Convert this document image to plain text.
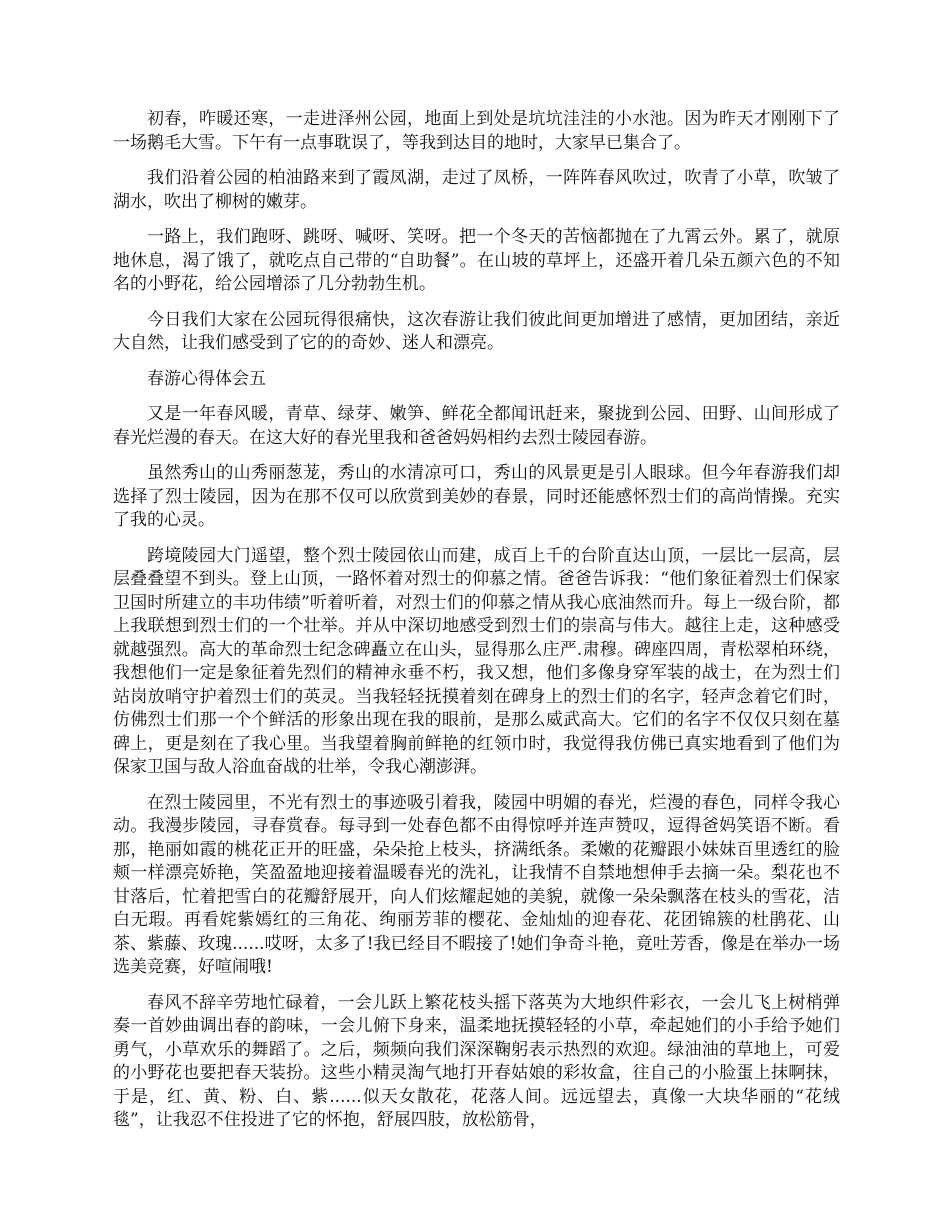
初春，咋暖还寒，一走进泽州公园，地面上到处是坑坑洼洼的小水池。因为昨天才刚刚下了一场鹅毛大雪。下午有一点事耽误了，等我到达目的地时，大家早已集合了。

我们沿着公园的柏油路来到了霞凤湖，走过了凤桥，一阵阵春风吹过，吹青了小草，吹皱了湖水，吹出了柳树的嫩芽。

一路上，我们跑呀、跳呀、喊呀、笑呀。把一个冬天的苦恼都抛在了九霄云外。累了，就原地休息，渴了饿了，就吃点自己带的“自助餐”。在山坡的草坪上，还盛开着几朵五颜六色的不知名的小野花，给公园增添了几分勃勃生机。

今日我们大家在公园玩得很痛快，这次春游让我们彼此间更加增进了感情，更加团结，亲近大自然，让我们感受到了它的的奇妙、迷人和漂亮。

春游心得体会五

又是一年春风暖，青草、绿芽、嫩笋、鲜花全都闻讯赶来，聚拢到公园、田野、山间形成了春光烂漫的春天。在这大好的春光里我和爸爸妈妈相约去烈士陵园春游。

虽然秀山的山秀丽葱茏，秀山的水清凉可口，秀山的风景更是引人眼球。但今年春游我们却选择了烈士陵园，因为在那不仅可以欣赏到美妙的春景，同时还能感怀烈士们的高尚情操。充实了我的心灵。

跨境陵园大门遥望，整个烈士陵园依山而建，成百上千的台阶直达山顶，一层比一层高，层层叠叠望不到头。登上山顶，一路怀着对烈士的仰慕之情。爸爸告诉我：“他们象征着烈士们保家卫国时所建立的丰功伟绩”听着听着，对烈士们的仰慕之情从我心底油然而升。每上一级台阶，都上我联想到烈士们的一个壮举。并从中深切地感受到烈士们的崇高与伟大。越往上走，这种感受就越强烈。高大的革命烈士纪念碑矗立在山头，显得那么庄严.肃穆。碑座四周，青松翠柏环绕，我想他们一定是象征着先烈们的精神永垂不朽，我又想，他们多像身穿军装的战士，在为烈士们站岗放哨守护着烈士们的英灵。当我轻轻抚摸着刻在碑身上的烈士们的名字，轻声念着它们时，仿佛烈士们那一个个鲜活的形象出现在我的眼前，是那么威武高大。它们的名字不仅仅只刻在墓碑上，更是刻在了我心里。当我望着胸前鲜艳的红领巾时，我觉得我仿佛已真实地看到了他们为保家卫国与敌人浴血奋战的壮举，令我心潮澎湃。

在烈士陵园里，不光有烈士的事迹吸引着我，陵园中明媚的春光，烂漫的春色，同样令我心动。我漫步陵园，寻春赏春。每寻到一处春色都不由得惊呼并连声赞叹，逗得爸妈笑语不断。看那，艳丽如霞的桃花正开的旺盛，朵朵抢上枝头，挤满纸条。柔嫩的花瓣跟小妹妹百里透红的脸颊一样漂亮娇艳，笑盈盈地迎接着温暖春光的洗礼，让我情不自禁地想伸手去摘一朵。梨花也不甘落后，忙着把雪白的花瓣舒展开，向人们炫耀起她的美貌，就像一朵朵飘落在枝头的雪花，洁白无瑕。再看姹紫嫣红的三角花、绚丽芳菲的樱花、金灿灿的迎春花、花团锦簇的杜鹃花、山茶、紫藤、玫瑰......哎呀，太多了!我已经目不暇接了!她们争奇斗艳，竟吐芳香，像是在举办一场选美竞赛，好喧闹哦!

春风不辞辛劳地忙碌着，一会儿跃上繁花枝头摇下落英为大地织件彩衣，一会儿飞上树梢弹奏一首妙曲调出春的韵味，一会儿俯下身来，温柔地抚摸轻轻的小草，牵起她们的小手给予她们勇气，小草欢乐的舞蹈了。之后，频频向我们深深鞠躬表示热烈的欢迎。绿油油的草地上，可爱的小野花也要把春天装扮。这些小精灵淘气地打开春姑娘的彩妆盒，往自己的小脸蛋上抹啊抹，于是，红、黄、粉、白、紫......似天女散花，花落人间。远远望去，真像一大块华丽的“花绒毯”，让我忍不住投进了它的怀抱，舒展四肢，放松筋骨，
